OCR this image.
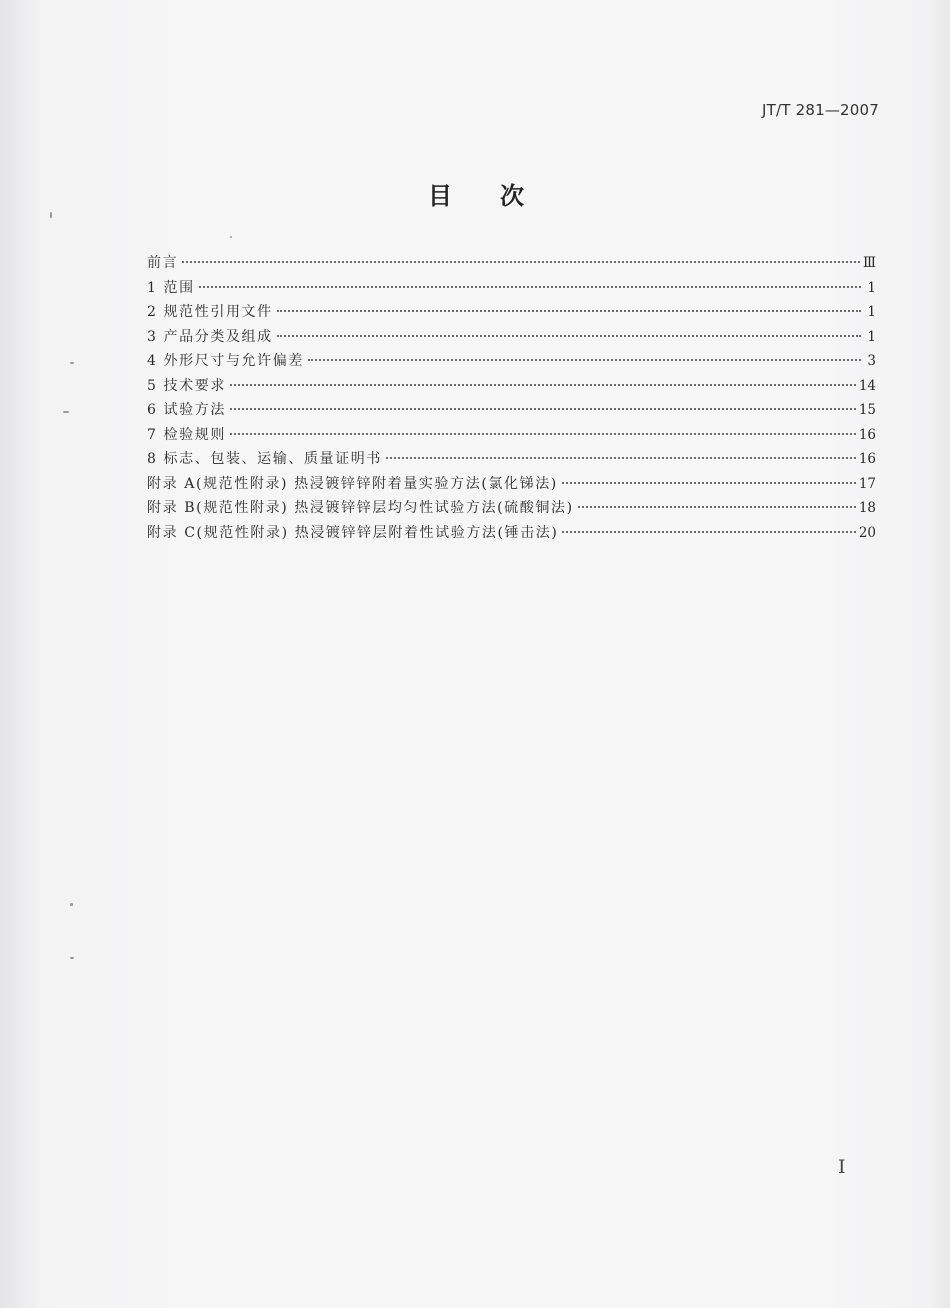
JT/T 281—2007
目次
前言	Ⅲ
1 范围	1
2 规范性引用文件	1
3 产品分类及组成	1
4 外形尺寸与允许偏差	3
5 技术要求	14
6 试验方法	15
7 检验规则	16
8 标志、包装、运输、质量证明书	16
附录 A(规范性附录) 热浸镀锌锌附着量实验方法(氯化锑法)	17
附录 B(规范性附录) 热浸镀锌锌层均匀性试验方法(硫酸铜法)	18
附录 C(规范性附录) 热浸镀锌锌层附着性试验方法(锤击法)	20
I
